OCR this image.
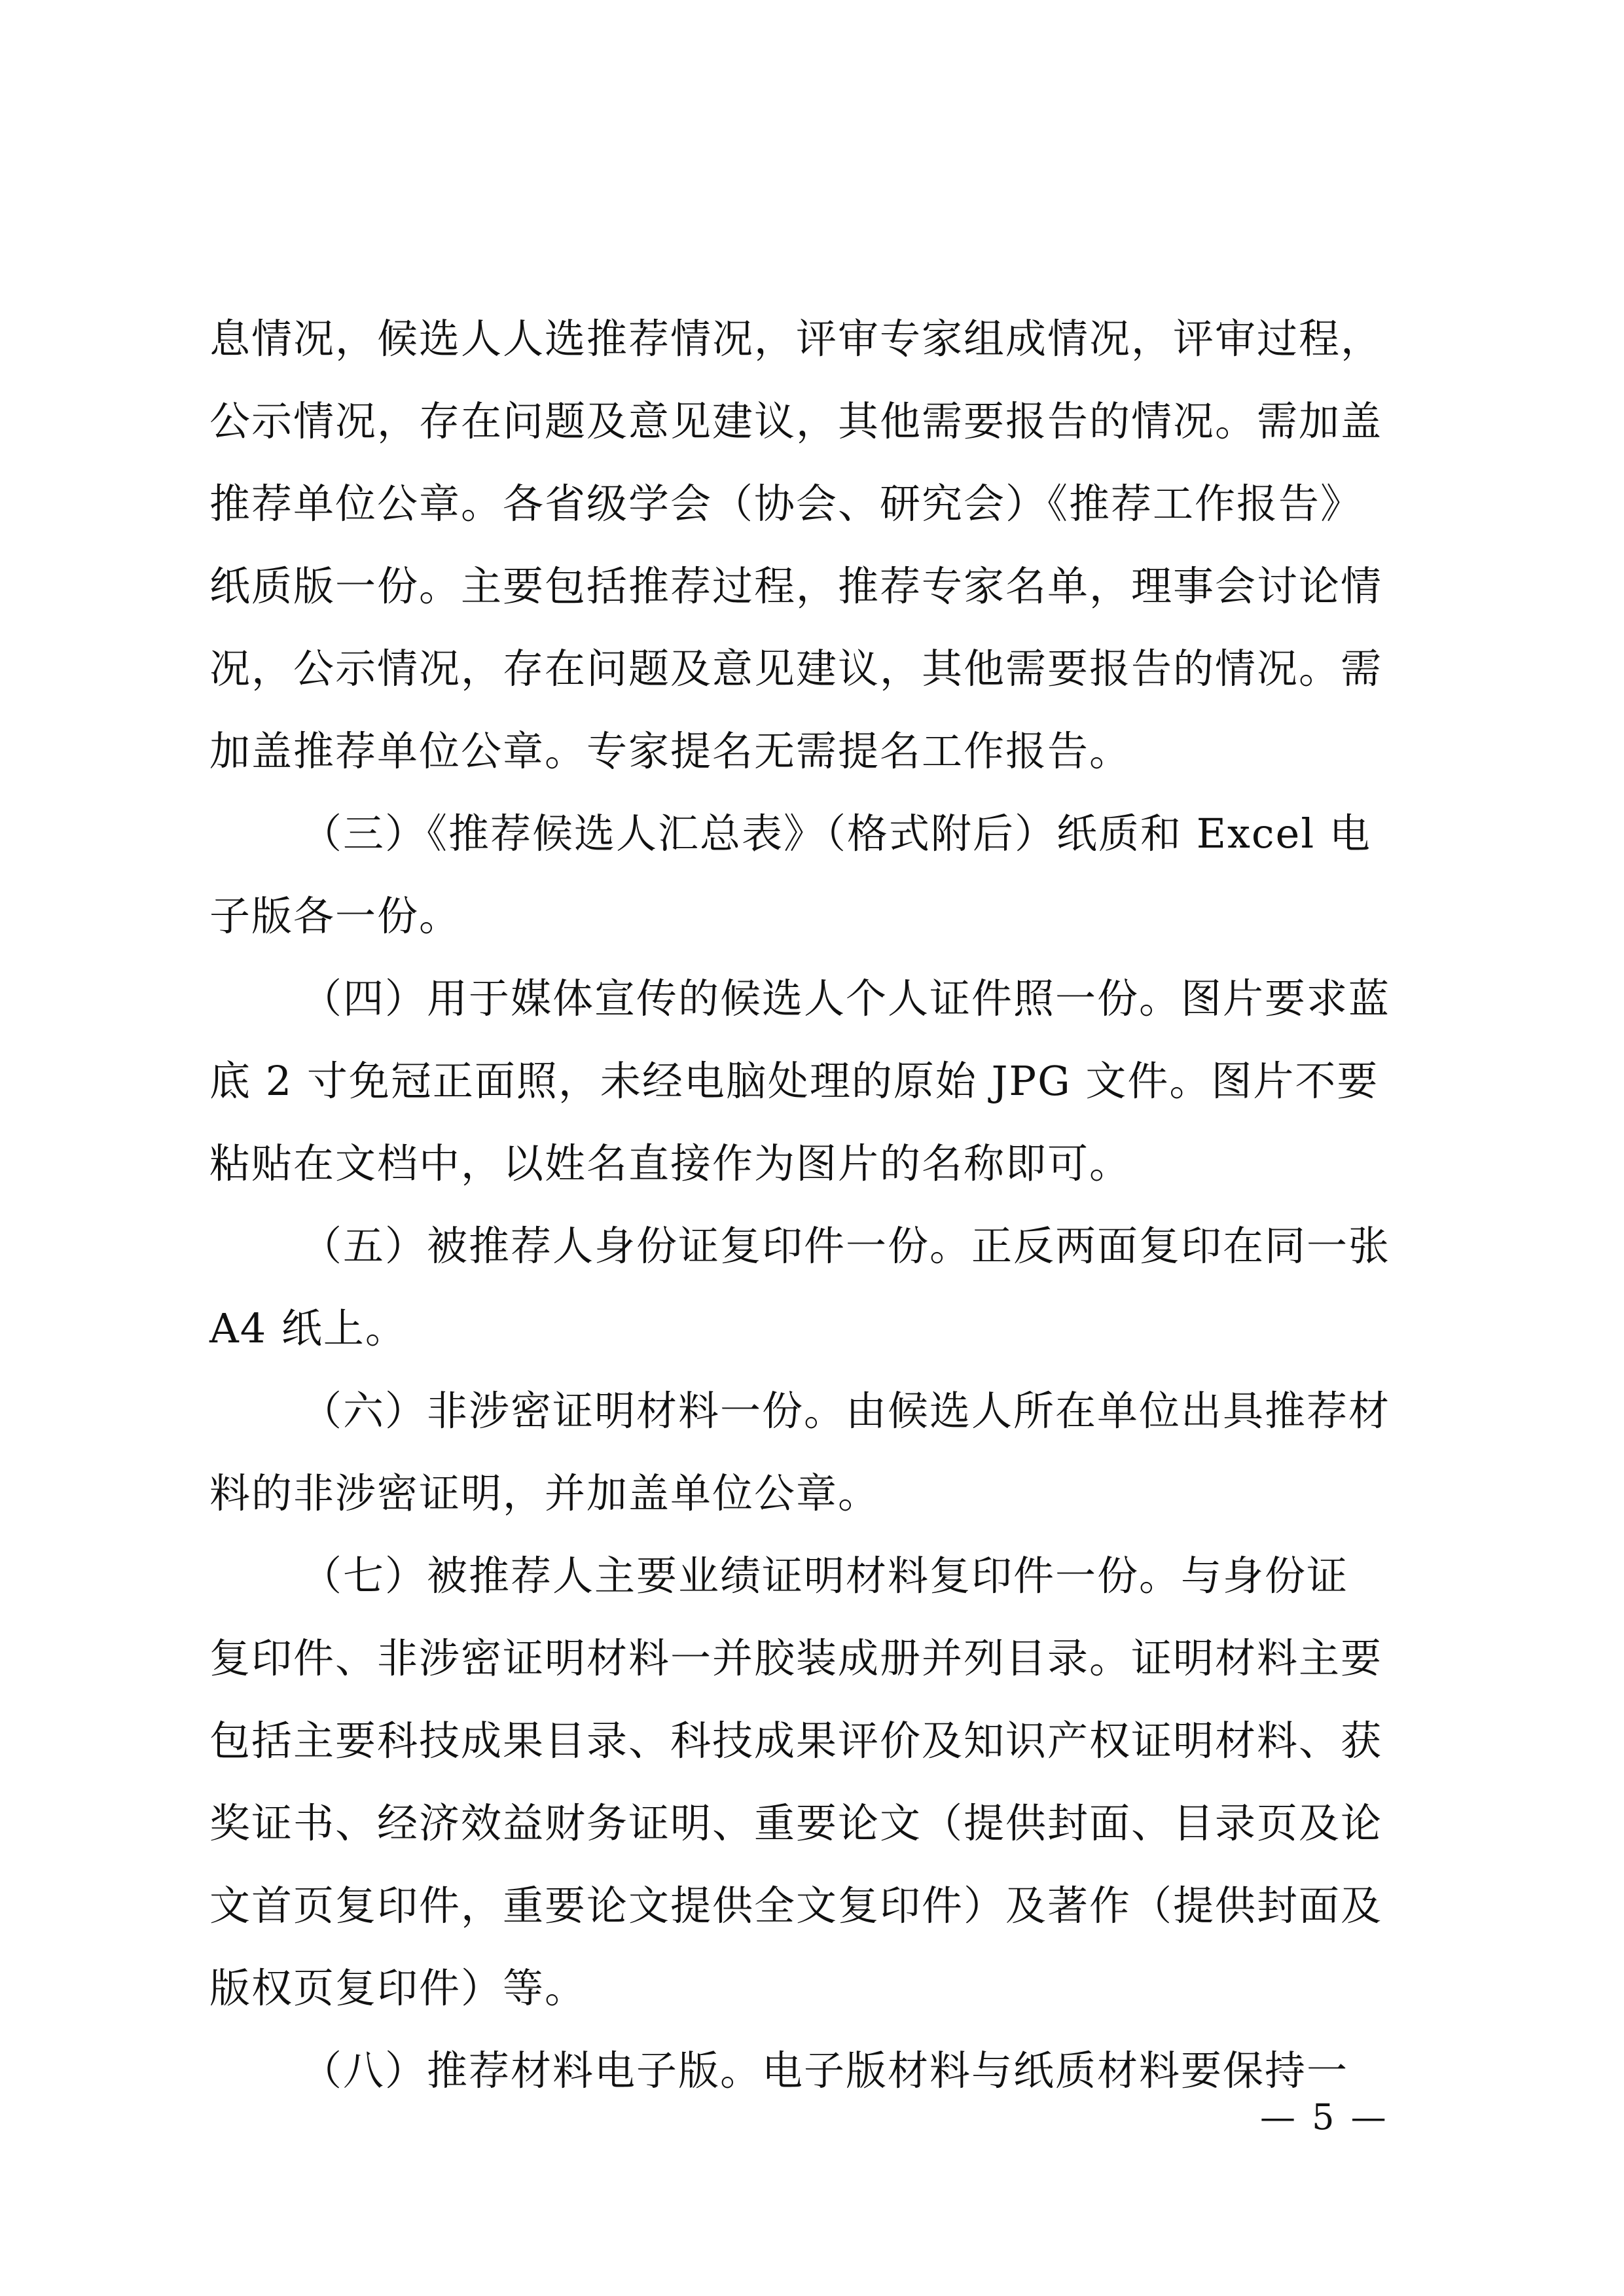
息情况，候选人人选推荐情况，评审专家组成情况，评审过程，
公示情况，存在问题及意见建议，其他需要报告的情况。需加盖
推荐单位公章。各省级学会（协会、研究会）《推荐工作报告》
纸质版一份。主要包括推荐过程，推荐专家名单，理事会讨论情
况，公示情况，存在问题及意见建议，其他需要报告的情况。需
加盖推荐单位公章。专家提名无需提名工作报告。
（三）《推荐候选人汇总表》（格式附后）纸质和 Excel 电
子版各一份。
（四）用于媒体宣传的候选人个人证件照一份。图片要求蓝
底 2 寸免冠正面照，未经电脑处理的原始 JPG 文件。图片不要
粘贴在文档中，以姓名直接作为图片的名称即可。
（五）被推荐人身份证复印件一份。正反两面复印在同一张
A4 纸上。
（六）非涉密证明材料一份。由候选人所在单位出具推荐材
料的非涉密证明，并加盖单位公章。
（七）被推荐人主要业绩证明材料复印件一份。与身份证
复印件、非涉密证明材料一并胶装成册并列目录。证明材料主要
包括主要科技成果目录、科技成果评价及知识产权证明材料、获
奖证书、经济效益财务证明、重要论文（提供封面、目录页及论
文首页复印件，重要论文提供全文复印件）及著作（提供封面及
版权页复印件）等。
（八）推荐材料电子版。电子版材料与纸质材料要保持一
— 5 —
